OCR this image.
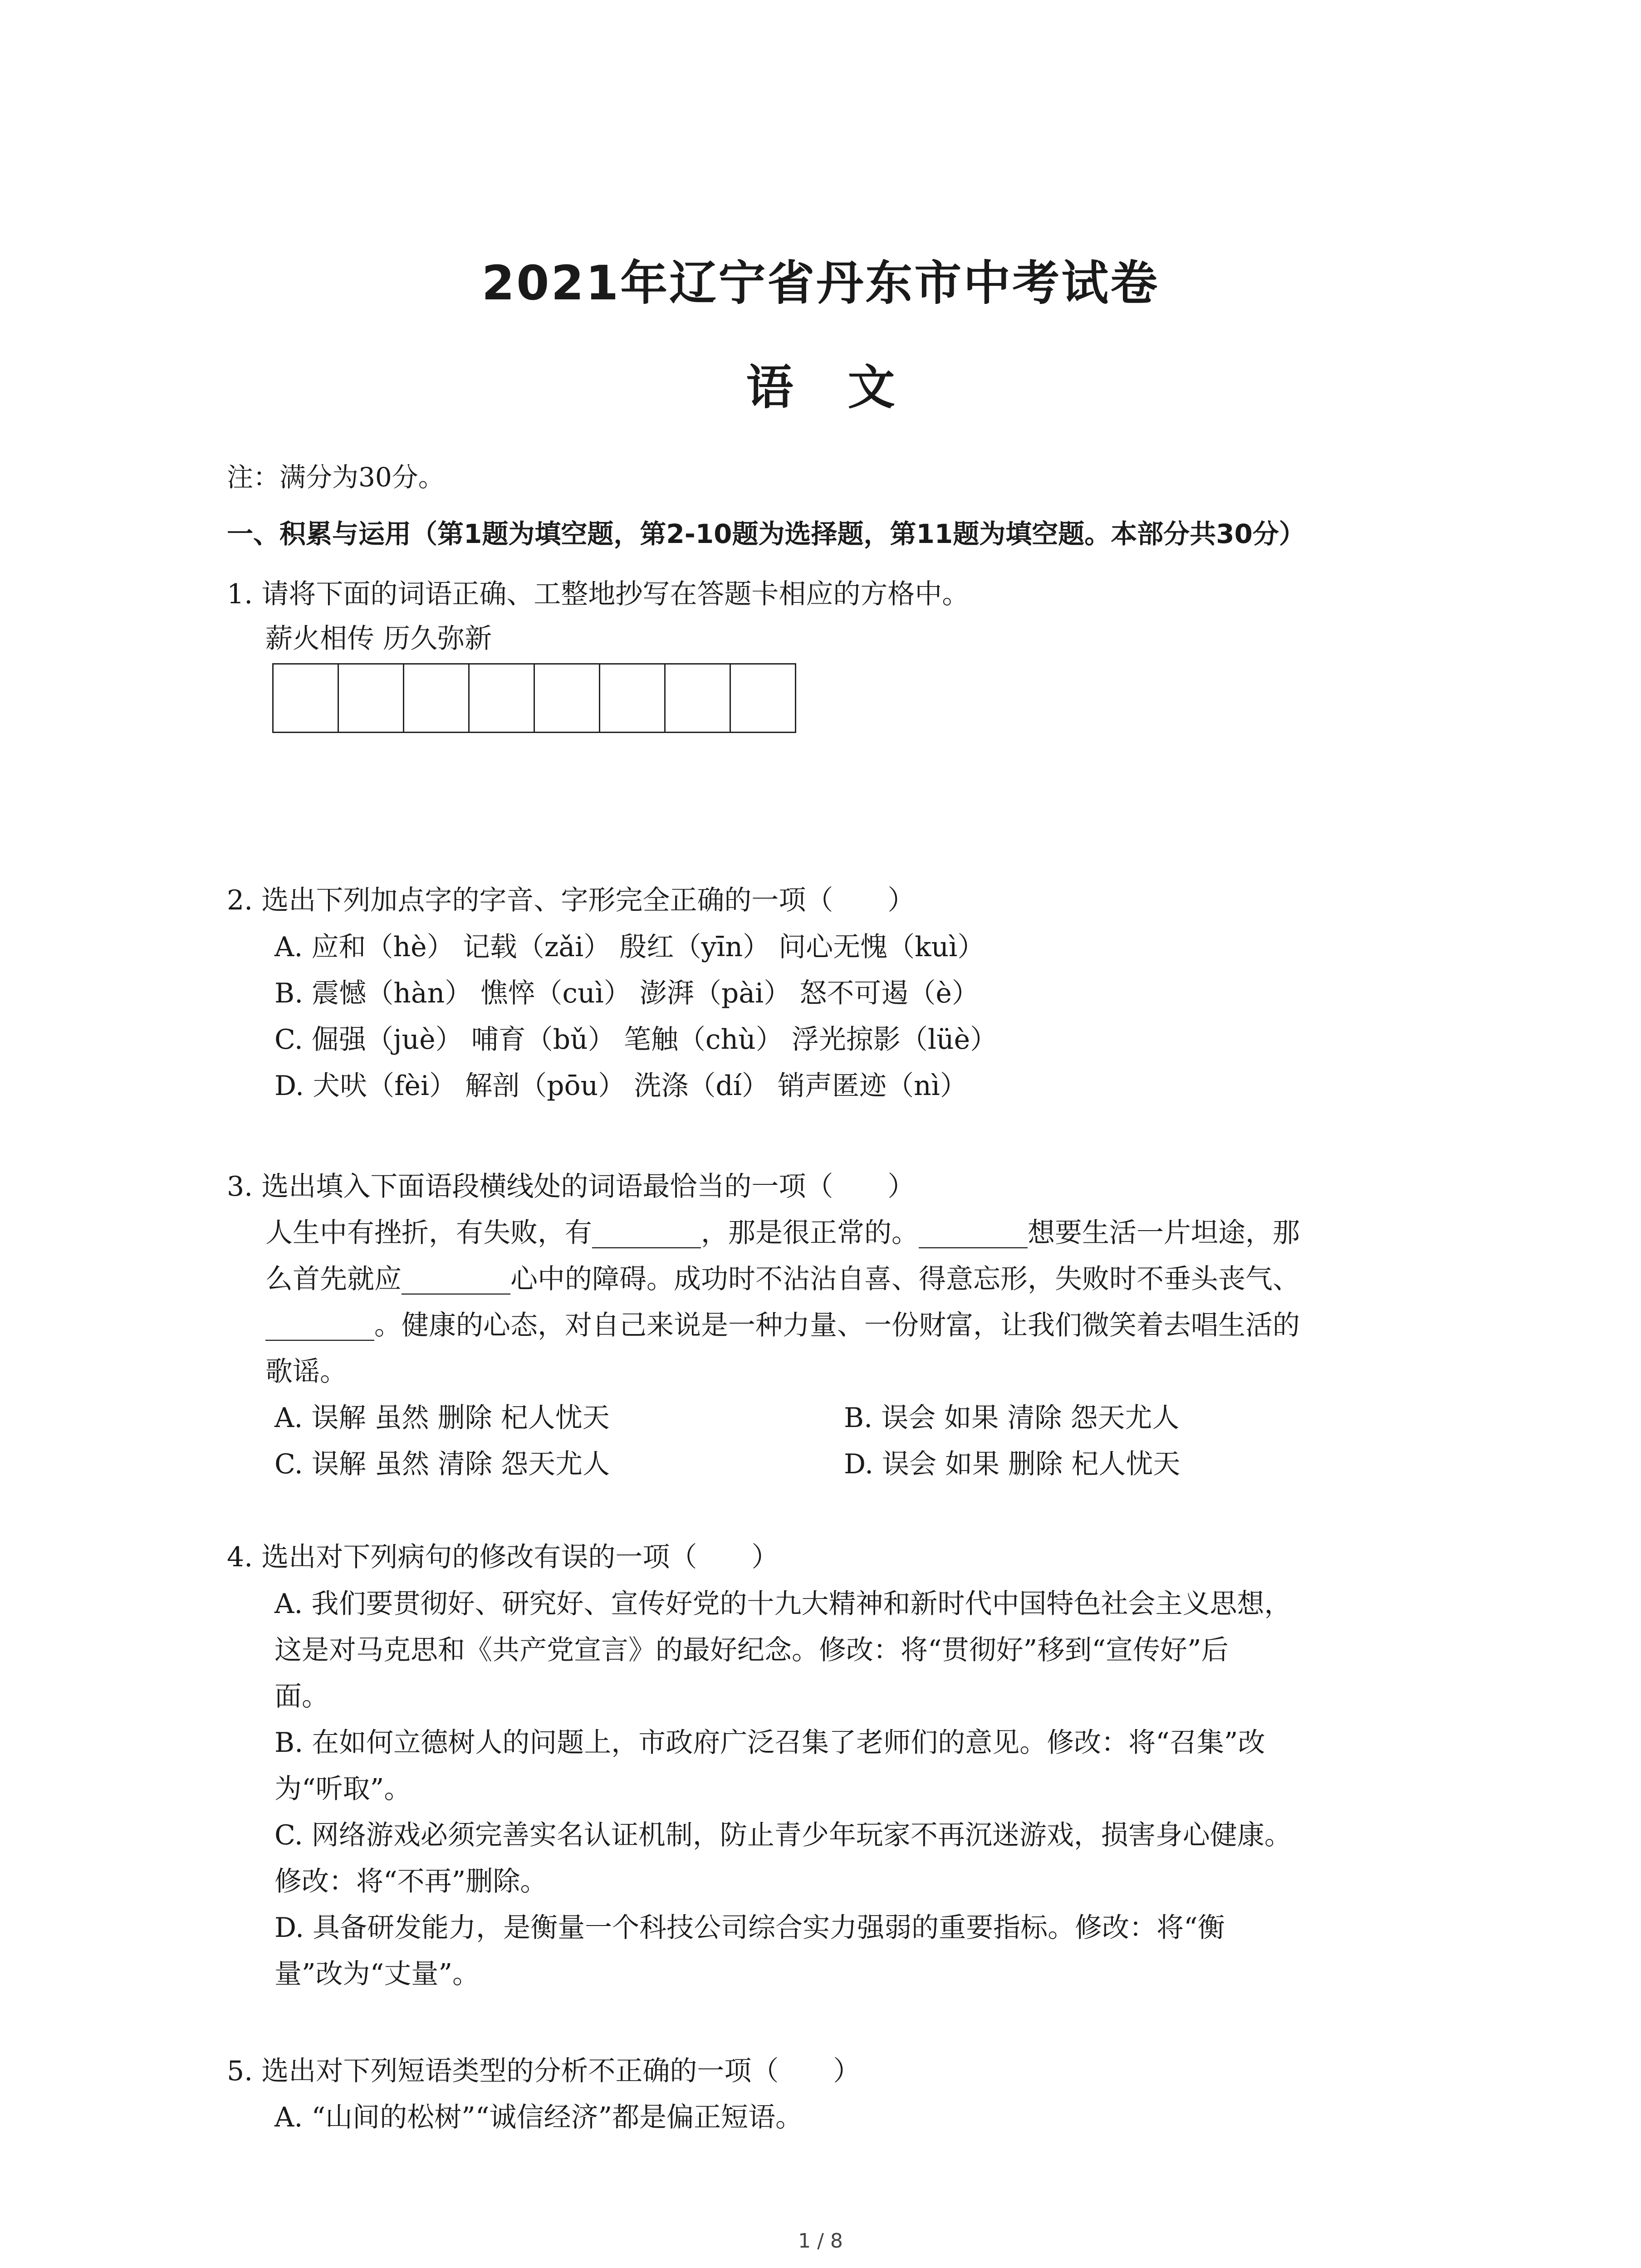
2021年辽宁省丹东市中考试卷
语文
注：满分为30分。
一、积累与运用（第1题为填空题，第2-10题为选择题，第11题为填空题。本部分共30分）
1. 请将下面的词语正确、工整地抄写在答题卡相应的方格中。
薪火相传 历久弥新
2. 选出下列加点字的字音、字形完全正确的一项（　　）
A. 应和（hè） 记载（zǎi） 殷红（yīn） 问心无愧（kuì）
B. 震憾（hàn） 憔悴（cuì） 澎湃（pài） 怒不可遏（è）
C. 倔强（juè） 哺育（bǔ） 笔触（chù） 浮光掠影（lüè）
D. 犬吠（fèi） 解剖（pōu） 洗涤（dí） 销声匿迹（nì）
3. 选出填入下面语段横线处的词语最恰当的一项（　　）
人生中有挫折，有失败，有________，那是很正常的。________想要生活一片坦途，那
么首先就应________心中的障碍。成功时不沾沾自喜、得意忘形，失败时不垂头丧气、
________。健康的心态，对自己来说是一种力量、一份财富，让我们微笑着去唱生活的
歌谣。
A. 误解 虽然 删除 杞人忧天	B. 误会 如果 清除 怨天尤人
C. 误解 虽然 清除 怨天尤人	D. 误会 如果 删除 杞人忧天
4. 选出对下列病句的修改有误的一项（　　）
A. 我们要贯彻好、研究好、宣传好党的十九大精神和新时代中国特色社会主义思想，
这是对马克思和《共产党宣言》的最好纪念。修改：将“贯彻好”移到“宣传好”后
面。
B. 在如何立德树人的问题上，市政府广泛召集了老师们的意见。修改：将“召集”改
为“听取”。
C. 网络游戏必须完善实名认证机制，防止青少年玩家不再沉迷游戏，损害身心健康。
修改：将“不再”删除。
D. 具备研发能力，是衡量一个科技公司综合实力强弱的重要指标。修改：将“衡
量”改为“丈量”。
5. 选出对下列短语类型的分析不正确的一项（　　）
A. “山间的松树”“诚信经济”都是偏正短语。
1 / 8
